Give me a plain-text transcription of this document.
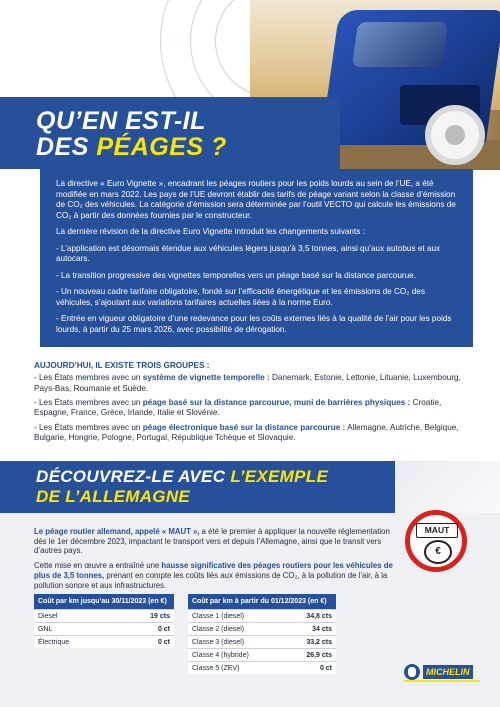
QU’EN EST-IL
DES PÉAGES ?

La directive « Euro Vignette », encadrant les péages routiers pour les poids lourds au sein de l’UE, a été modifiée en mars 2022. Les pays de l’UE devront établir des tarifs de péage variant selon la classe d’émission de CO₂ des véhicules. La catégorie d’émission sera déterminée par l’outil VECTO qui calcule les émissions de CO₂ à partir des données fournies par le constructeur.

La dernière révision de la directive Euro Vignette introduit les changements suivants :

- L’application est désormais étendue aux véhicules légers jusqu’à 3,5 tonnes, ainsi qu’aux autobus et aux autocars.
- La transition progressive des vignettes temporelles vers un péage basé sur la distance parcourue.
- Un nouveau cadre tarifaire obligatoire, fondé sur l’efficacité énergétique et les émissions de CO₂ des véhicules, s’ajoutant aux variations tarifaires actuelles liées à la norme Euro.
- Entrée en vigueur obligatoire d’une redevance pour les coûts externes liés à la qualité de l’air pour les poids lourds, à partir du 25 mars 2026, avec possibilité de dérogation.
AUJOURD’HUI, IL EXISTE TROIS GROUPES :
- Les États membres avec un système de vignette temporelle : Danemark, Estonie, Lettonie, Lituanie, Luxembourg, Pays-Bas, Roumanie et Suède.
- Les États membres avec un péage basé sur la distance parcourue, muni de barrières physiques : Croatie, Espagne, France, Grèce, Irlande, Italie et Slovénie.
- Les États membres avec un péage électronique basé sur la distance parcourue : Allemagne, Autriche, Belgique, Bulgarie, Hongrie, Pologne, Portugal, République Tchèque et Slovaquie.
DÉCOUVREZ-LE AVEC L’EXEMPLE
DE L’ALLEMAGNE

Le péage routier allemand, appelé « MAUT », a été le premier à appliquer la nouvelle réglementation dès le 1er décembre 2023, impactant le transport vers et depuis l’Allemagne, ainsi que le transit vers d’autres pays.

Cette mise en œuvre a entraîné une hausse significative des péages routiers pour les véhicules de plus de 3,5 tonnes, prenant en compte les coûts liés aux émissions de CO₂, à la pollution de l’air, à la pollution sonore et aux infrastructures.

MAUT
€
Coût par km jusqu’au 30/11/2023 (en €)	
Diesel	19 cts
GNL	0 ct
Électrique	0 ct
Coût par km à partir du 01/12/2023 (en €)	
Classe 1 (diesel)	34,8 cts
Classe 2 (diesel)	34 cts
Classe 3 (diesel)	33,2 cts
Classe 4 (hybride)	26,9 cts
Classe 5 (ZEV)	0 ct	MICHELIN
